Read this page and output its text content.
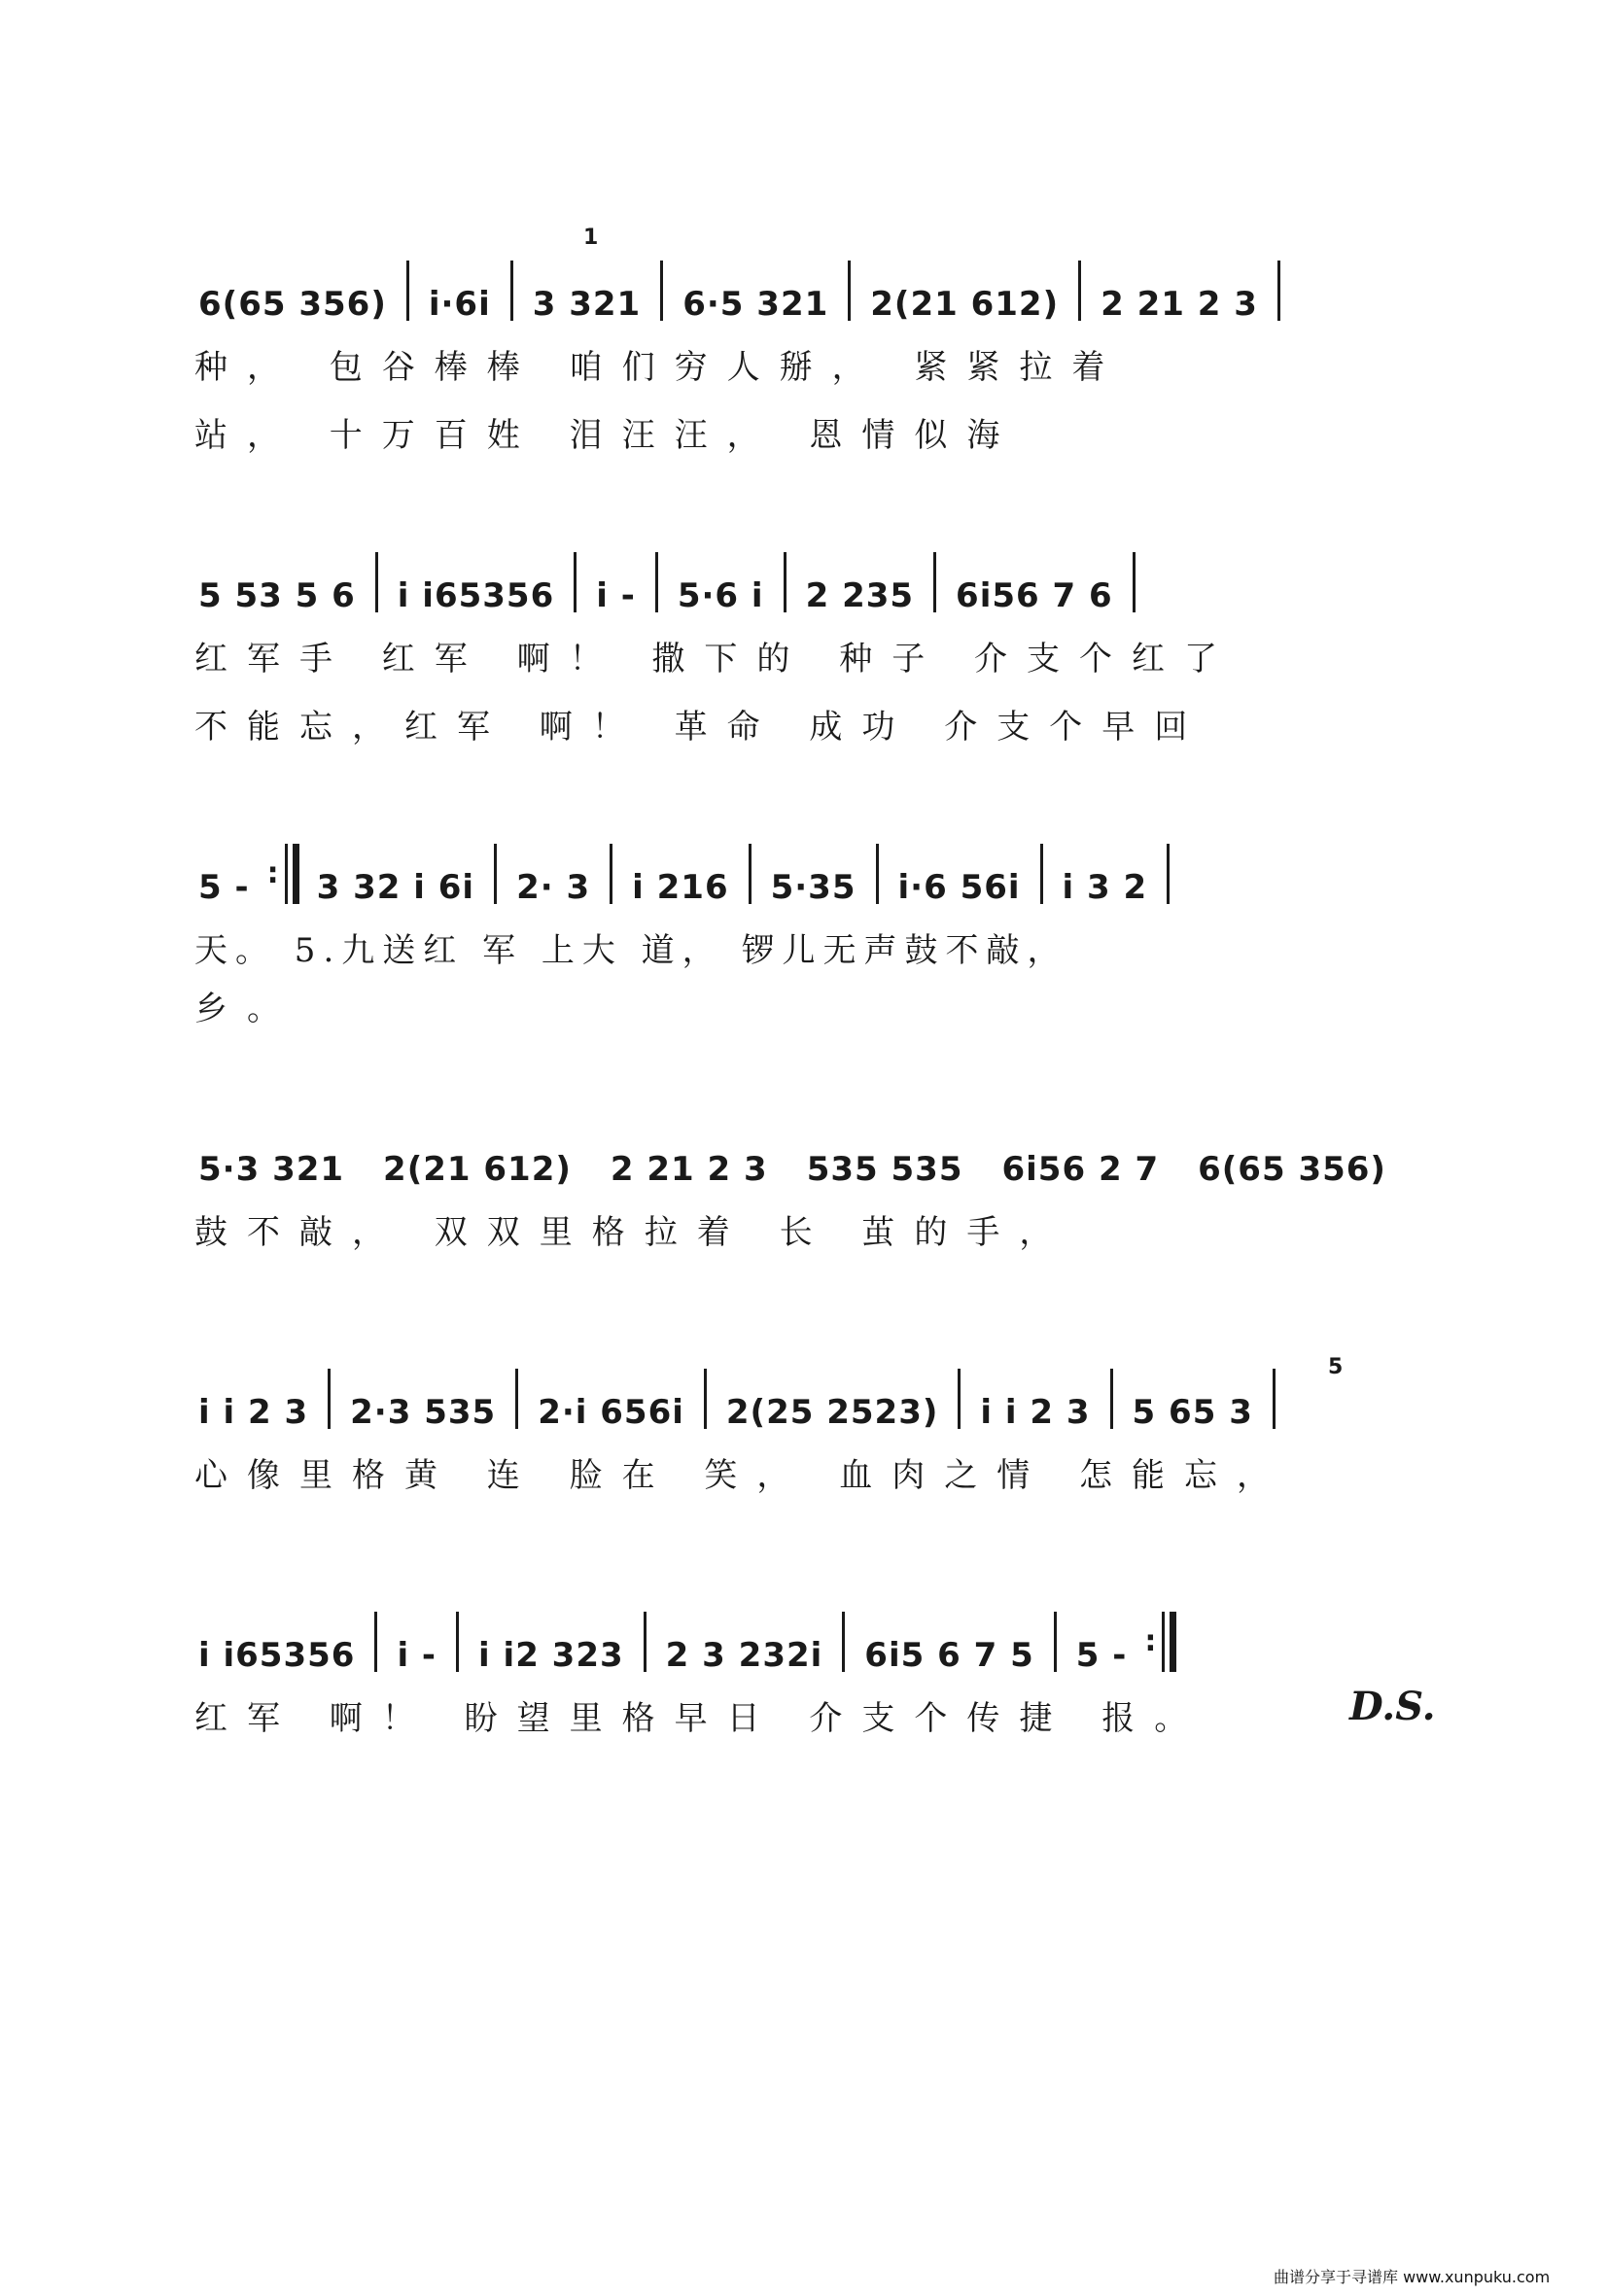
6(65 356) i·6i 3 321 6·5 321 2(21 612) 2 21 2 3
1
种， 包谷棒棒 咱们穷人掰， 紧紧拉着
站， 十万百姓 泪汪汪， 恩情似海
5 53 5 6 i i65356 i - 5·6 i 2 235 6i56 7 6
红军手 红军 啊！ 撒下的 种子 介支个红了
不能忘，红军 啊！ 革命 成功 介支个早回
5 - : 3 32 i 6i 2· 3 i 216 5·35 i·6 56i i 3 2
天。 5.九送红 军 上大 道， 锣儿无声鼓不敲，
乡。
5·3 321 2(21 612) 2 21 2 3 535 535 6i56 2 7 6(65 356)
鼓不敲， 双双里格拉着 长 茧的手，
i i 2 3 2·3 535 2·i 656i 2(25 2523) i i 2 3 5 65 3
5
心像里格黄 连 脸在 笑， 血肉之情 怎能忘，
i i65356 i - i i2 323 2 3 232i 6i5 6 7 5 5 - :
红军 啊！ 盼望里格早日 介支个传捷 报。	D.S.
曲谱分享于寻谱库 www.xunpuku.com
